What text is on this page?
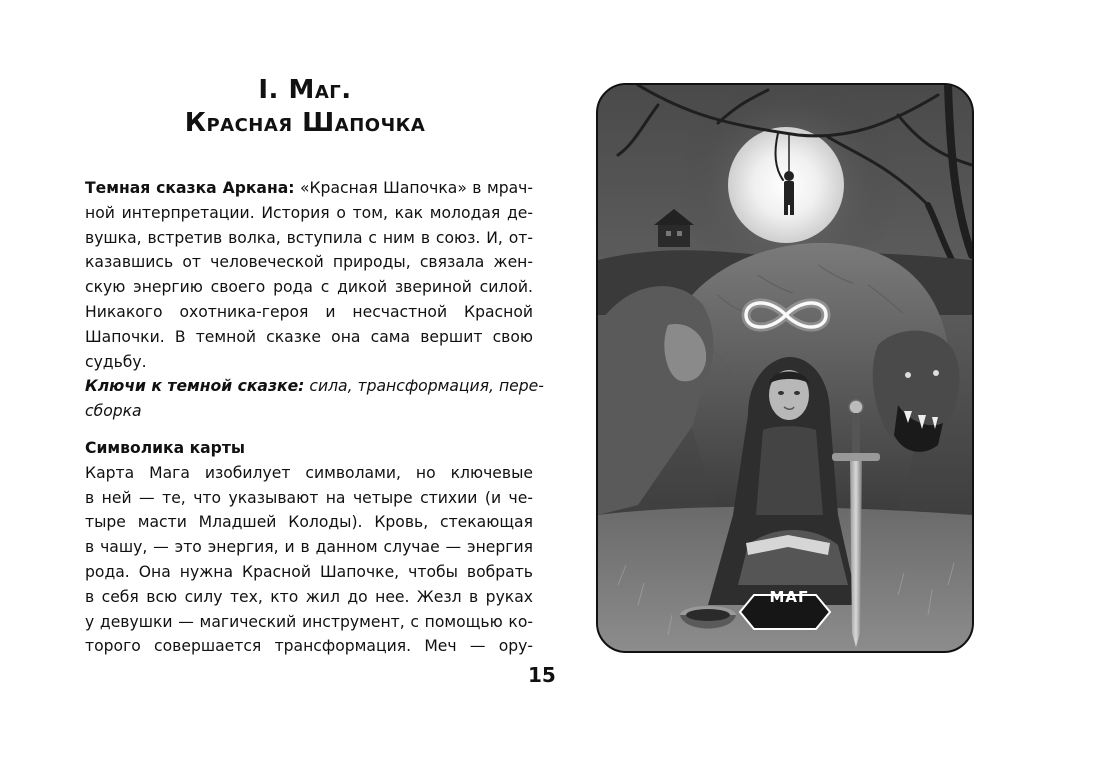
I. Маг.
Красная Шапочка
Темная сказка Аркана: «Красная Шапочка» в мрач-
ной интерпретации. История о том, как молодая де-
вушка, встретив волка, вступила с ним в союз. И, от-
казавшись от человеческой природы, связала жен-
скую энергию своего рода с дикой звериной силой.
Никакого охотника-героя и несчастной Красной
Шапочки. В темной сказке она сама вершит свою
судьбу.
Ключи к темной сказке: сила, трансформация, пере-
сборка
Символика карты
Карта Мага изобилует символами, но ключевые
в ней — те, что указывают на четыре стихии (и че-
тыре масти Младшей Колоды). Кровь, стекающая
в чашу, — это энергия, и в данном случае — энергия
рода. Она нужна Красной Шапочке, чтобы вобрать
в себя всю силу тех, кто жил до нее. Жезл в руках
у девушки — магический инструмент, с помощью ко-
торого совершается трансформация. Меч — ору-
15
МАГ
